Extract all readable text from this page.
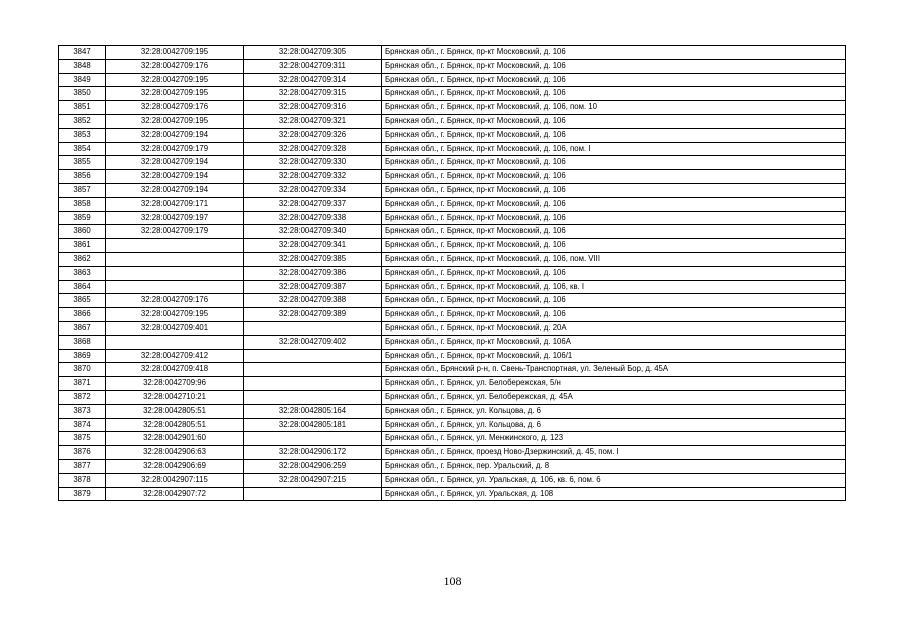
3847	32:28:0042709:195	32:28:0042709:305	Брянская обл., г. Брянск, пр-кт Московский, д. 106
3848	32:28:0042709:176	32:28:0042709:311	Брянская обл., г. Брянск, пр-кт Московский, д. 106
3849	32:28:0042709:195	32:28:0042709:314	Брянская обл., г. Брянск, пр-кт Московский, д. 106
3850	32:28:0042709:195	32:28:0042709:315	Брянская обл., г. Брянск, пр-кт Московский, д. 106
3851	32:28:0042709:176	32:28:0042709:316	Брянская обл., г. Брянск, пр-кт Московский, д. 106, пом. 10
3852	32:28:0042709:195	32:28:0042709:321	Брянская обл., г. Брянск, пр-кт Московский, д. 106
3853	32:28:0042709:194	32:28:0042709:326	Брянская обл., г. Брянск, пр-кт Московский, д. 106
3854	32:28:0042709:179	32:28:0042709:328	Брянская обл., г. Брянск, пр-кт Московский, д. 106, пом. I
3855	32:28:0042709:194	32:28:0042709:330	Брянская обл., г. Брянск, пр-кт Московский, д. 106
3856	32:28:0042709:194	32:28:0042709:332	Брянская обл., г. Брянск, пр-кт Московский, д. 106
3857	32:28:0042709:194	32:28:0042709:334	Брянская обл., г. Брянск, пр-кт Московский, д. 106
3858	32:28:0042709:171	32:28:0042709:337	Брянская обл., г. Брянск, пр-кт Московский, д. 106
3859	32:28:0042709:197	32:28:0042709:338	Брянская обл., г. Брянск, пр-кт Московский, д. 106
3860	32:28:0042709:179	32:28:0042709:340	Брянская обл., г. Брянск, пр-кт Московский, д. 106
3861		32:28:0042709:341	Брянская обл., г. Брянск, пр-кт Московский, д. 106
3862		32:28:0042709:385	Брянская обл., г. Брянск, пр-кт Московский, д. 106, пом. VIII
3863		32:28:0042709:386	Брянская обл., г. Брянск, пр-кт Московский, д. 106
3864		32:28:0042709:387	Брянская обл., г. Брянск, пр-кт Московский, д. 106, кв. I
3865	32:28:0042709:176	32:28:0042709:388	Брянская обл., г. Брянск, пр-кт Московский, д. 106
3866	32:28:0042709:195	32:28:0042709:389	Брянская обл., г. Брянск, пр-кт Московский, д. 106
3867	32:28:0042709:401		Брянская обл., г. Брянск, пр-кт Московский, д. 20А
3868		32:28:0042709:402	Брянская обл., г. Брянск, пр-кт Московский, д. 106А
3869	32:28:0042709:412		Брянская обл., г. Брянск, пр-кт Московский, д. 106/1
3870	32:28:0042709:418		Брянская обл., Брянский р-н, п. Свень-Транспортная, ул. Зеленый Бор, д. 45А
3871	32:28:0042709:96		Брянская обл., г. Брянск, ул. Белобережская, 5/н
3872	32:28:0042710:21		Брянская обл., г. Брянск, ул. Белобережская, д. 45А
3873	32:28:0042805:51	32:28:0042805:164	Брянская обл., г. Брянск, ул. Кольцова, д. 6
3874	32:28:0042805:51	32:28:0042805:181	Брянская обл., г. Брянск, ул. Кольцова, д. 6
3875	32:28:0042901:60		Брянская обл., г. Брянск, ул. Менжинского, д. 123
3876	32:28:0042906:63	32:28:0042906:172	Брянская обл., г. Брянск, проезд Ново-Дзержинский, д. 45, пом. I
3877	32:28:0042906:69	32:28:0042906:259	Брянская обл., г. Брянск, пер. Уральский, д. 8
3878	32:28:0042907:115	32:28:0042907:215	Брянская обл., г. Брянск, ул. Уральская, д. 106, кв. 6, пом. 6
3879	32:28:0042907:72		Брянская обл., г. Брянск, ул. Уральская, д. 108
108
